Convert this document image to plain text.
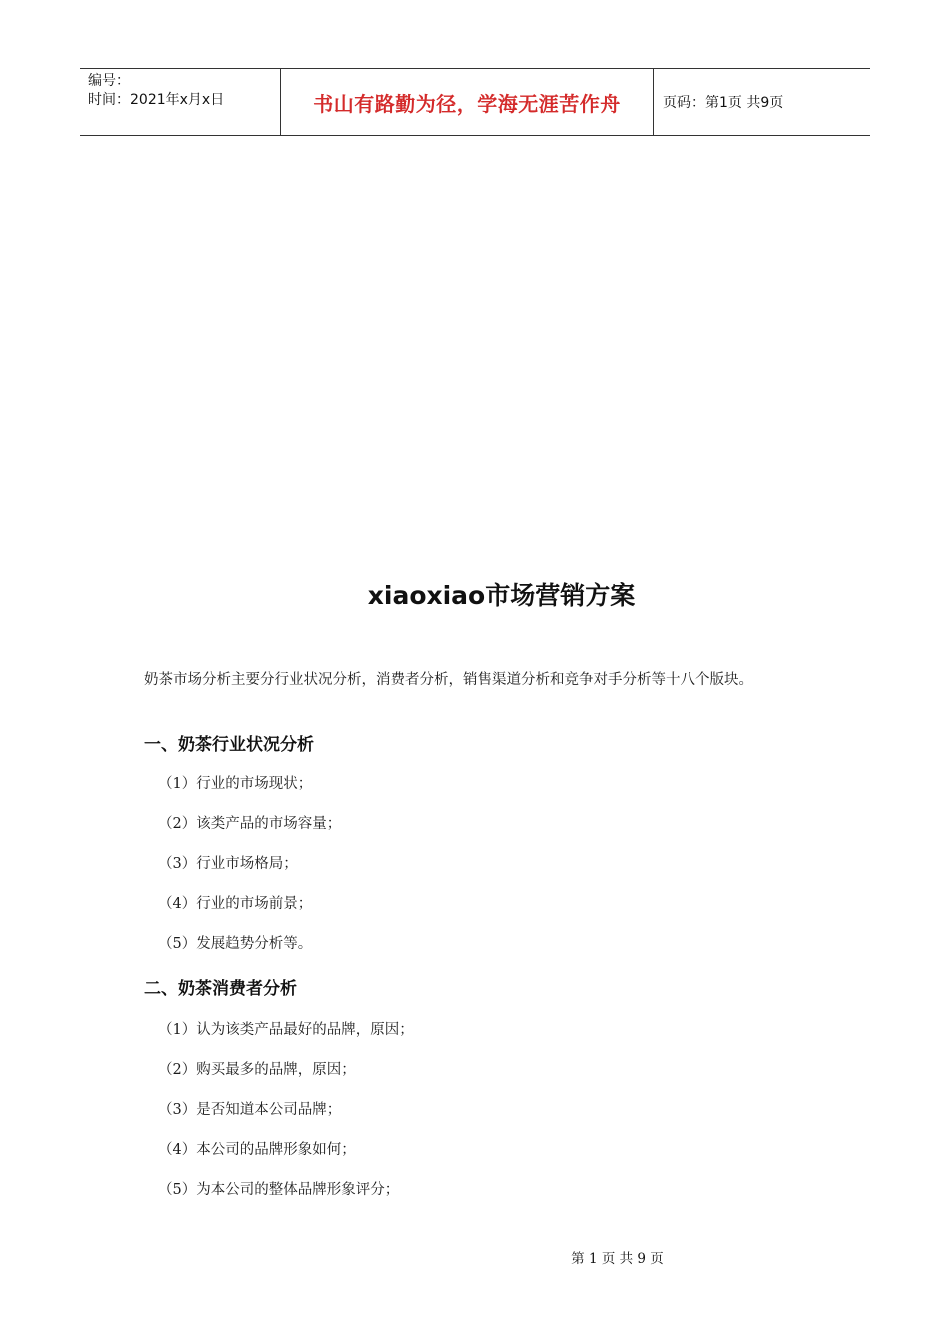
编号：
时间：2021年x月x日	书山有路勤为径，学海无涯苦作舟	页码：第1页 共9页
xiaoxiao市场营销方案

奶茶市场分析主要分行业状况分析，消费者分析，销售渠道分析和竞争对手分析等十八个版块。

一、奶茶行业状况分析

（1）行业的市场现状；

（2）该类产品的市场容量；

（3）行业市场格局；

（4）行业的市场前景；

（5）发展趋势分析等。

二、奶茶消费者分析

（1）认为该类产品最好的品牌，原因；

（2）购买最多的品牌，原因；

（3）是否知道本公司品牌；

（4）本公司的品牌形象如何；

（5）为本公司的整体品牌形象评分；

第 1 页 共 9 页
